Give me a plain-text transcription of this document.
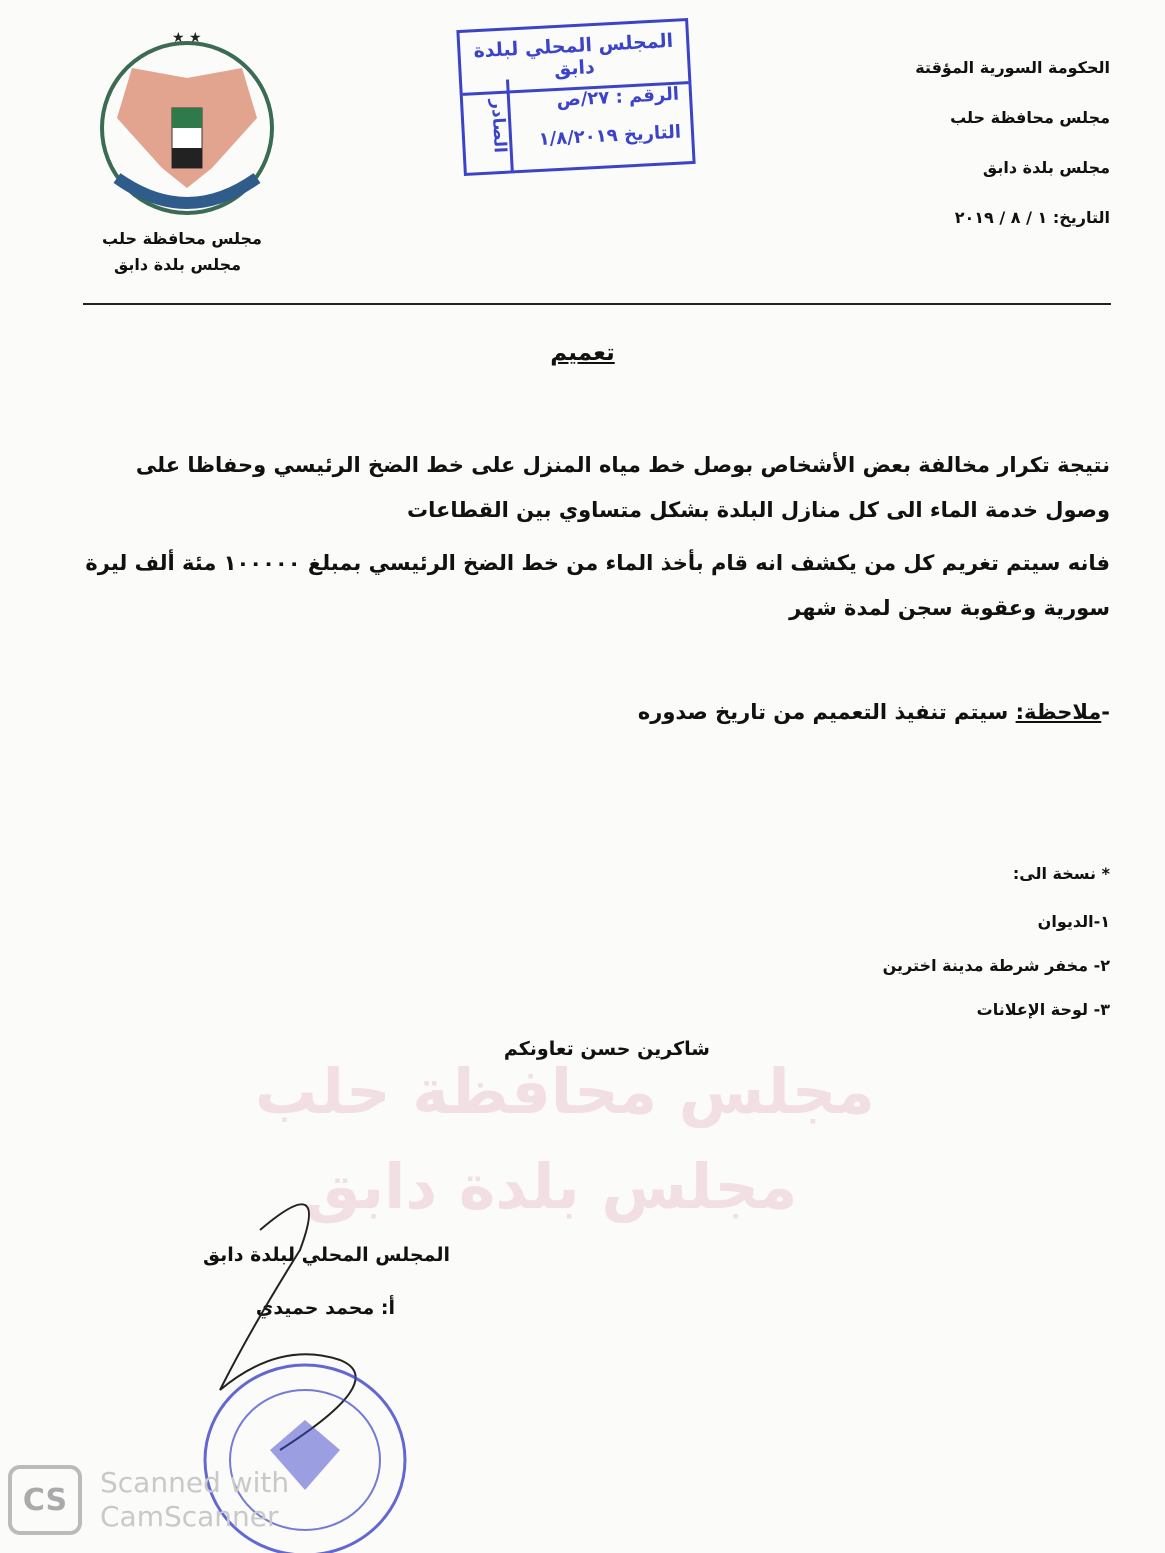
مجلس محافظة حلب
مجلس بلدة دابق
★ ★
مجلس محافظة حلب
مجلس بلدة دابق
المجلس المحلي لبلدة دابق
الرقم : ٢٧/ص
التاريخ ١/٨/٢٠١٩
الصادر
الحكومة السورية المؤقتة
مجلس محافظة حلب
مجلس بلدة دابق
التاريخ: ١ / ٨ / ٢٠١٩
تعميم
نتيجة تكرار مخالفة بعض الأشخاص بوصل خط مياه المنزل على خط الضخ الرئيسي وحفاظا على
وصول خدمة الماء الى كل منازل البلدة بشكل متساوي بين القطاعات
فانه سيتم تغريم كل من يكشف انه قام بأخذ الماء من خط الضخ الرئيسي بمبلغ ١٠٠٠٠٠ مئة ألف ليرة
سورية وعقوبة سجن لمدة شهر
-ملاحظة: سيتم تنفيذ التعميم من تاريخ صدوره
* نسخة الى:
١-الديوان
٢- مخفر شرطة مدينة اخترين
٣- لوحة الإعلانات
شاكرين حسن تعاونكم
المجلس المحلي لبلدة دابق
أ: محمد حميدي
CS	Scanned with
CamScanner
